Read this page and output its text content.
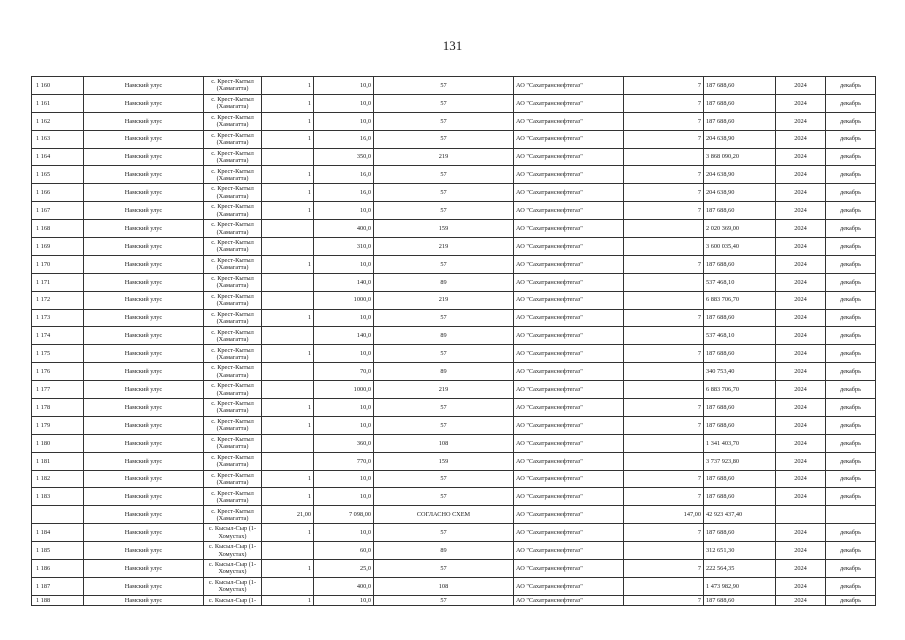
131
1 160	Намский улус	с. Крест-Кытыл (Хамагатта)	1	10,0	57	АО "Сахатранснефтегаз"	7	187 688,60	2024	декабрь
1 161	Намский улус	с. Крест-Кытыл (Хамагатта)	1	10,0	57	АО "Сахатранснефтегаз"	7	187 688,60	2024	декабрь
1 162	Намский улус	с. Крест-Кытыл (Хамагатта)	1	10,0	57	АО "Сахатранснефтегаз"	7	187 688,60	2024	декабрь
1 163	Намский улус	с. Крест-Кытыл (Хамагатта)	1	16,0	57	АО "Сахатранснефтегаз"	7	204 638,90	2024	декабрь
1 164	Намский улус	с. Крест-Кытыл (Хамагатта)		350,0	219	АО "Сахатранснефтегаз"		3 868 090,20	2024	декабрь
1 165	Намский улус	с. Крест-Кытыл (Хамагатта)	1	16,0	57	АО "Сахатранснефтегаз"	7	204 638,90	2024	декабрь
1 166	Намский улус	с. Крест-Кытыл (Хамагатта)	1	16,0	57	АО "Сахатранснефтегаз"	7	204 638,90	2024	декабрь
1 167	Намский улус	с. Крест-Кытыл (Хамагатта)	1	10,0	57	АО "Сахатранснефтегаз"	7	187 688,60	2024	декабрь
1 168	Намский улус	с. Крест-Кытыл (Хамагатта)		400,0	159	АО "Сахатранснефтегаз"		2 020 369,00	2024	декабрь
1 169	Намский улус	с. Крест-Кытыл (Хамагатта)		310,0	219	АО "Сахатранснефтегаз"		3 600 035,40	2024	декабрь
1 170	Намский улус	с. Крест-Кытыл (Хамагатта)	1	10,0	57	АО "Сахатранснефтегаз"	7	187 688,60	2024	декабрь
1 171	Намский улус	с. Крест-Кытыл (Хамагатта)		140,0	89	АО "Сахатранснефтегаз"		537 468,10	2024	декабрь
1 172	Намский улус	с. Крест-Кытыл (Хамагатта)		1000,0	219	АО "Сахатранснефтегаз"		6 883 706,70	2024	декабрь
1 173	Намский улус	с. Крест-Кытыл (Хамагатта)	1	10,0	57	АО "Сахатранснефтегаз"	7	187 688,60	2024	декабрь
1 174	Намский улус	с. Крест-Кытыл (Хамагатта)		140,0	89	АО "Сахатранснефтегаз"		537 468,10	2024	декабрь
1 175	Намский улус	с. Крест-Кытыл (Хамагатта)	1	10,0	57	АО "Сахатранснефтегаз"	7	187 688,60	2024	декабрь
1 176	Намский улус	с. Крест-Кытыл (Хамагатта)		70,0	89	АО "Сахатранснефтегаз"		340 753,40	2024	декабрь
1 177	Намский улус	с. Крест-Кытыл (Хамагатта)		1000,0	219	АО "Сахатранснефтегаз"		6 883 706,70	2024	декабрь
1 178	Намский улус	с. Крест-Кытыл (Хамагатта)	1	10,0	57	АО "Сахатранснефтегаз"	7	187 688,60	2024	декабрь
1 179	Намский улус	с. Крест-Кытыл (Хамагатта)	1	10,0	57	АО "Сахатранснефтегаз"	7	187 688,60	2024	декабрь
1 180	Намский улус	с. Крест-Кытыл (Хамагатта)		360,0	108	АО "Сахатранснефтегаз"		1 341 403,70	2024	декабрь
1 181	Намский улус	с. Крест-Кытыл (Хамагатта)		770,0	159	АО "Сахатранснефтегаз"		3 737 923,80	2024	декабрь
1 182	Намский улус	с. Крест-Кытыл (Хамагатта)	1	10,0	57	АО "Сахатранснефтегаз"	7	187 688,60	2024	декабрь
1 183	Намский улус	с. Крест-Кытыл (Хамагатта)	1	10,0	57	АО "Сахатранснефтегаз"	7	187 688,60	2024	декабрь
	Намский улус	с. Крест-Кытыл (Хамагатта)	21,00	7 098,00	СОГЛАСНО СХЕМ	АО "Сахатранснефтегаз"	147,00	42 923 437,40		
1 184	Намский улус	с. Кысыл-Сыр (1-Хомустах)	1	10,0	57	АО "Сахатранснефтегаз"	7	187 688,60	2024	декабрь
1 185	Намский улус	с. Кысыл-Сыр (1-Хомустах)		60,0	89	АО "Сахатранснефтегаз"		312 651,30	2024	декабрь
1 186	Намский улус	с. Кысыл-Сыр (1-Хомустах)	1	25,0	57	АО "Сахатранснефтегаз"	7	222 564,35	2024	декабрь
1 187	Намский улус	с. Кысыл-Сыр (1-Хомустах)		400,0	108	АО "Сахатранснефтегаз"		1 473 982,90	2024	декабрь
1 188	Намский улус	с. Кысыл-Сыр (1-	1	10,0	57	АО "Сахатранснефтегаз"	7	187 688,60	2024	декабрь
